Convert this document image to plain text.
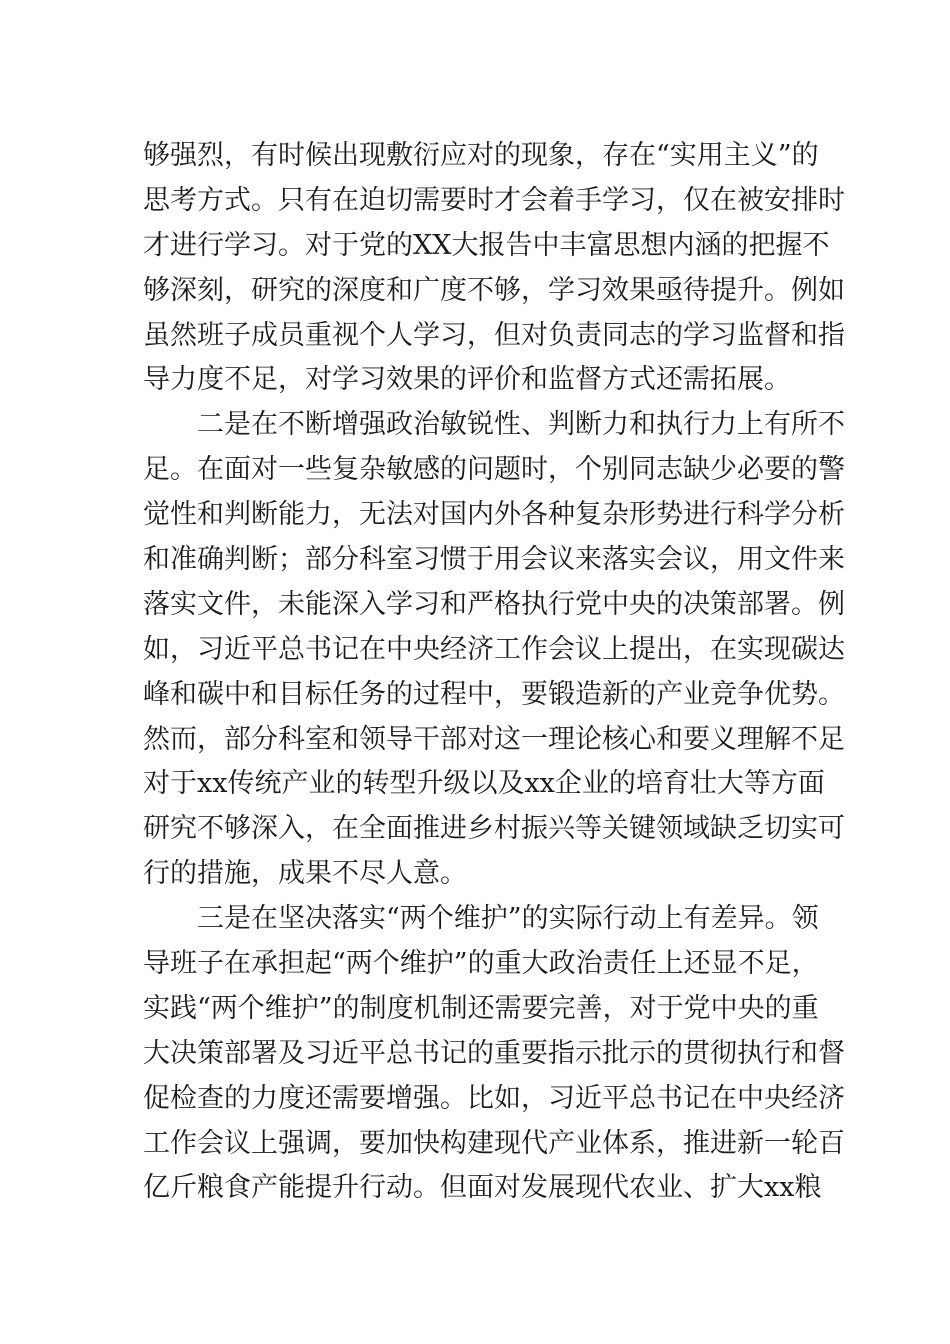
够强烈，有时候出现敷衍应对的现象，存在“实用主义”的
思考方式。只有在迫切需要时才会着手学习，仅在被安排时
才进行学习。对于党的XX大报告中丰富思想内涵的把握不
够深刻，研究的深度和广度不够，学习效果亟待提升。例如
虽然班子成员重视个人学习，但对负责同志的学习监督和指
导力度不足，对学习效果的评价和监督方式还需拓展。
二是在不断增强政治敏锐性、判断力和执行力上有所不
足。在面对一些复杂敏感的问题时，个别同志缺少必要的警
觉性和判断能力，无法对国内外各种复杂形势进行科学分析
和准确判断；部分科室习惯于用会议来落实会议，用文件来
落实文件，未能深入学习和严格执行党中央的决策部署。例
如，习近平总书记在中央经济工作会议上提出，在实现碳达
峰和碳中和目标任务的过程中，要锻造新的产业竞争优势。
然而，部分科室和领导干部对这一理论核心和要义理解不足
对于xx传统产业的转型升级以及xx企业的培育壮大等方面
研究不够深入，在全面推进乡村振兴等关键领域缺乏切实可
行的措施，成果不尽人意。
三是在坚决落实“两个维护”的实际行动上有差异。领
导班子在承担起“两个维护”的重大政治责任上还显不足，
实践“两个维护”的制度机制还需要完善，对于党中央的重
大决策部署及习近平总书记的重要指示批示的贯彻执行和督
促检查的力度还需要增强。比如，习近平总书记在中央经济
工作会议上强调，要加快构建现代产业体系，推进新一轮百
亿斤粮食产能提升行动。但面对发展现代农业、扩大xx粮
